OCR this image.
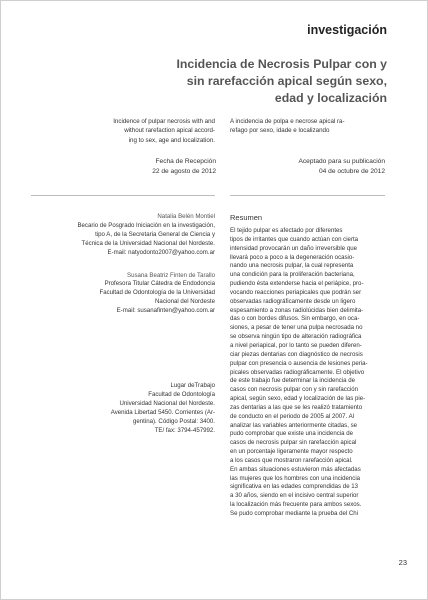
investigación
Incidencia de Necrosis Pulpar con y
sin rarefacción apical según sexo,
edad y localización
Incidence of pulpar necrosis with and
without rarefaction apical accord-
ing to sex, age and localization.
A incidencia de polpa e necrose apical ra-
refago por sexo, idade e localizando
Fecha de Recepción
22 de agosto de 2012
Aceptado para su publicación
04 de octubre de 2012
Natalia Belén Montiel
Becario de Posgrado Iniciación en la investigación,
tipo A, de la Secretaria General de Ciencia y
Técnica de la Universidad Nacional del Nordeste.
E-mail: natyodonto2007@yahoo.com.ar
Susana Beatriz Finten de Tarallo
Profesora Titular Cátedra de Endodoncia
Facultad de Odontología de la Universidad
Nacional del Nordeste
E-mail: susanafinten@yahoo.com.ar
Lugar deTrabajo
Facultad de Odontología
Universidad Nacional del Nordeste.
Avenida Libertad 5450. Corrientes (Ar-
gentina). Código Postal: 3400.
TE/ fax: 3794-457992.
Resumen
El tejido pulpar es afectado por diferentes
tipos de irritantes que cuando actúan con cierta
intensidad provocarán un daño irreversible que
llevará poco a poco a la degeneración ocasio-
nando una necrosis pulpar, la cual representa
una condición para la proliferación bacteriana,
pudiendo ésta extenderse hacia el periápice, pro-
vocando reacciones periapicales que podrán ser
observadas radiográficamente desde un ligero
espesamiento a zonas radiolúcidas bien delimita-
das o con bordes difusos. Sin embargo, en oca-
siones, a pesar de tener una pulpa necrosada no
se observa ningún tipo de alteración radiográfica
a nivel periapical, por lo tanto se pueden diferen-
ciar piezas dentarias con diagnóstico de necrosis
pulpar con presencia o ausencia de lesiones peria-
picales observadas radiográficamente. El objetivo
de este trabajo fue determinar la incidencia de
casos con necrosis pulpar con y sin rarefacción
apical, según sexo, edad y localización de las pie-
zas dentarias a las que se les realizó tratamiento
de conducto en el periodo de 2005 al 2007. Al
analizar las variables anteriormente citadas, se
pudo comprobar que existe una incidencia de
casos de necrosis pulpar sin rarefacción apical
en un porcentaje ligeramente mayor respecto
a los casos que mostraron rarefacción apical.
En ambas situaciones estuvieron más afectadas
las mujeres que los hombres con una incidencia
significativa en las edades comprendidas de 13
a 30 años, siendo en el incisivo central superior
la localización más frecuente para ambos sexos.
Se pudo comprobar mediante la prueba del Chi
23
